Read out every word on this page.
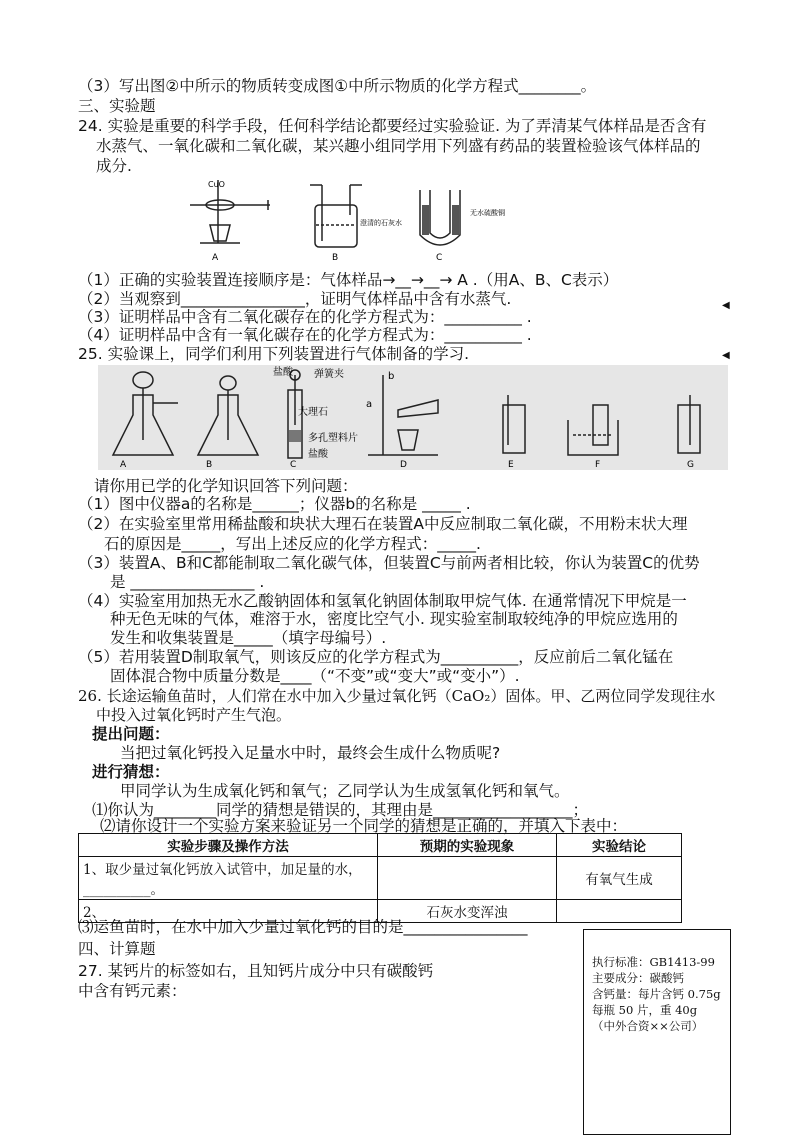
（3）写出图②中所示的物质转变成图①中所示物质的化学方程式________。
三、实验题
24. 实验是重要的科学手段，任何科学结论都要经过实验验证. 为了弄清某气体样品是否含有
水蒸气、一氧化碳和二氧化碳，某兴趣小组同学用下列盛有药品的装置检验该气体样品的
成分.
CuO
澄清的石灰水
无水硫酸铜
A	B	C
（1）正确的实验装置连接顺序是：气体样品→__→__→ A .（用A、B、C表示）
（2）当观察到________________，证明气体样品中含有水蒸气.
（3）证明样品中含有二氧化碳存在的化学方程式为：__________ .
（4）证明样品中含有一氧化碳存在的化学方程式为：__________ .
◀
◀
25. 实验课上，同学们利用下列装置进行气体制备的学习.
盐酸 弹簧夹
大理石
多孔塑料片
盐酸
a
b
A	B	C	D	E	F	G
请你用已学的化学知识回答下列问题：
（1）图中仪器a的名称是______；仪器b的名称是 _____ .
（2）在实验室里常用稀盐酸和块状大理石在装置A中反应制取二氧化碳，不用粉末状大理
石的原因是_____，写出上述反应的化学方程式：_____.
（3）装置A、B和C都能制取二氧化碳气体，但装置C与前两者相比较，你认为装置C的优势
是 ________________ .
（4）实验室用加热无水乙酸钠固体和氢氧化钠固体制取甲烷气体. 在通常情况下甲烷是一
种无色无味的气体，难溶于水，密度比空气小. 现实验室制取较纯净的甲烷应选用的
发生和收集装置是_____（填字母编号）.
（5）若用装置D制取氧气，则该反应的化学方程式为__________，反应前后二氧化锰在
固体混合物中质量分数是____（“不变”或“变大”或“变小”）.
26. 长途运输鱼苗时，人们常在水中加入少量过氧化钙（CaO₂）固体。甲、乙两位同学发现往水
中投入过氧化钙时产生气泡。
提出问题：
当把过氧化钙投入足量水中时，最终会生成什么物质呢?
进行猜想：
甲同学认为生成氧化钙和氧气；乙同学认为生成氢氧化钙和氧气。
⑴你认为________同学的猜想是错误的，其理由是__________________；
⑵请你设计一个实验方案来验证另一个同学的猜想是正确的，并填入下表中：
实验步骤及操作方法	预期的实验现象	实验结论
1、取少量过氧化钙放入试管中，加足量的水，__________。		有氧气生成
2、	石灰水变浑浊	
⑶运鱼苗时，在水中加入少量过氧化钙的目的是________________
四、计算题
27. 某钙片的标签如右，且知钙片成分中只有碳酸钙
中含有钙元素：
执行标准：GB1413-99
主要成分：碳酸钙
含钙量：每片含钙 0.75g
每瓶 50 片，重 40g
（中外合资××公司）
